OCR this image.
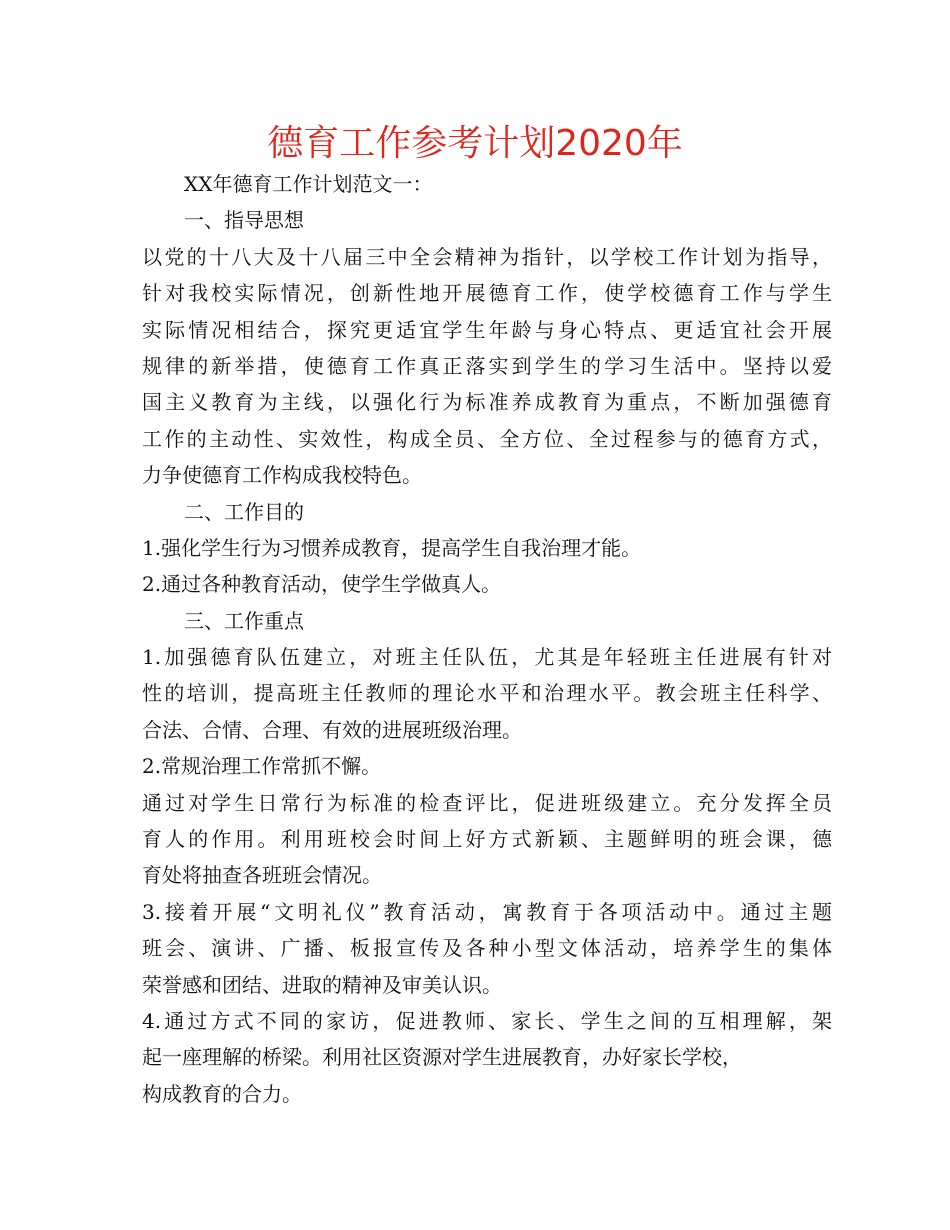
德育工作参考计划2020年
XX年德育工作计划范文一：
一、指导思想
以党的十八大及十八届三中全会精神为指针，以学校工作计划为指导，
针对我校实际情况，创新性地开展德育工作，使学校德育工作与学生
实际情况相结合，探究更适宜学生年龄与身心特点、更适宜社会开展
规律的新举措，使德育工作真正落实到学生的学习生活中。坚持以爱
国主义教育为主线，以强化行为标准养成教育为重点，不断加强德育
工作的主动性、实效性，构成全员、全方位、全过程参与的德育方式，
力争使德育工作构成我校特色。
二、工作目的
1.强化学生行为习惯养成教育，提高学生自我治理才能。
2.通过各种教育活动，使学生学做真人。
三、工作重点
1.加强德育队伍建立，对班主任队伍，尤其是年轻班主任进展有针对
性的培训，提高班主任教师的理论水平和治理水平。教会班主任科学、
合法、合情、合理、有效的进展班级治理。
2.常规治理工作常抓不懈。
通过对学生日常行为标准的检查评比，促进班级建立。充分发挥全员
育人的作用。利用班校会时间上好方式新颖、主题鲜明的班会课，德
育处将抽查各班班会情况。
3.接着开展“文明礼仪”教育活动，寓教育于各项活动中。通过主题
班会、演讲、广播、板报宣传及各种小型文体活动，培养学生的集体
荣誉感和团结、进取的精神及审美认识。
4.通过方式不同的家访，促进教师、家长、学生之间的互相理解，架
起一座理解的桥梁。利用社区资源对学生进展教育，办好家长学校，
构成教育的合力。
